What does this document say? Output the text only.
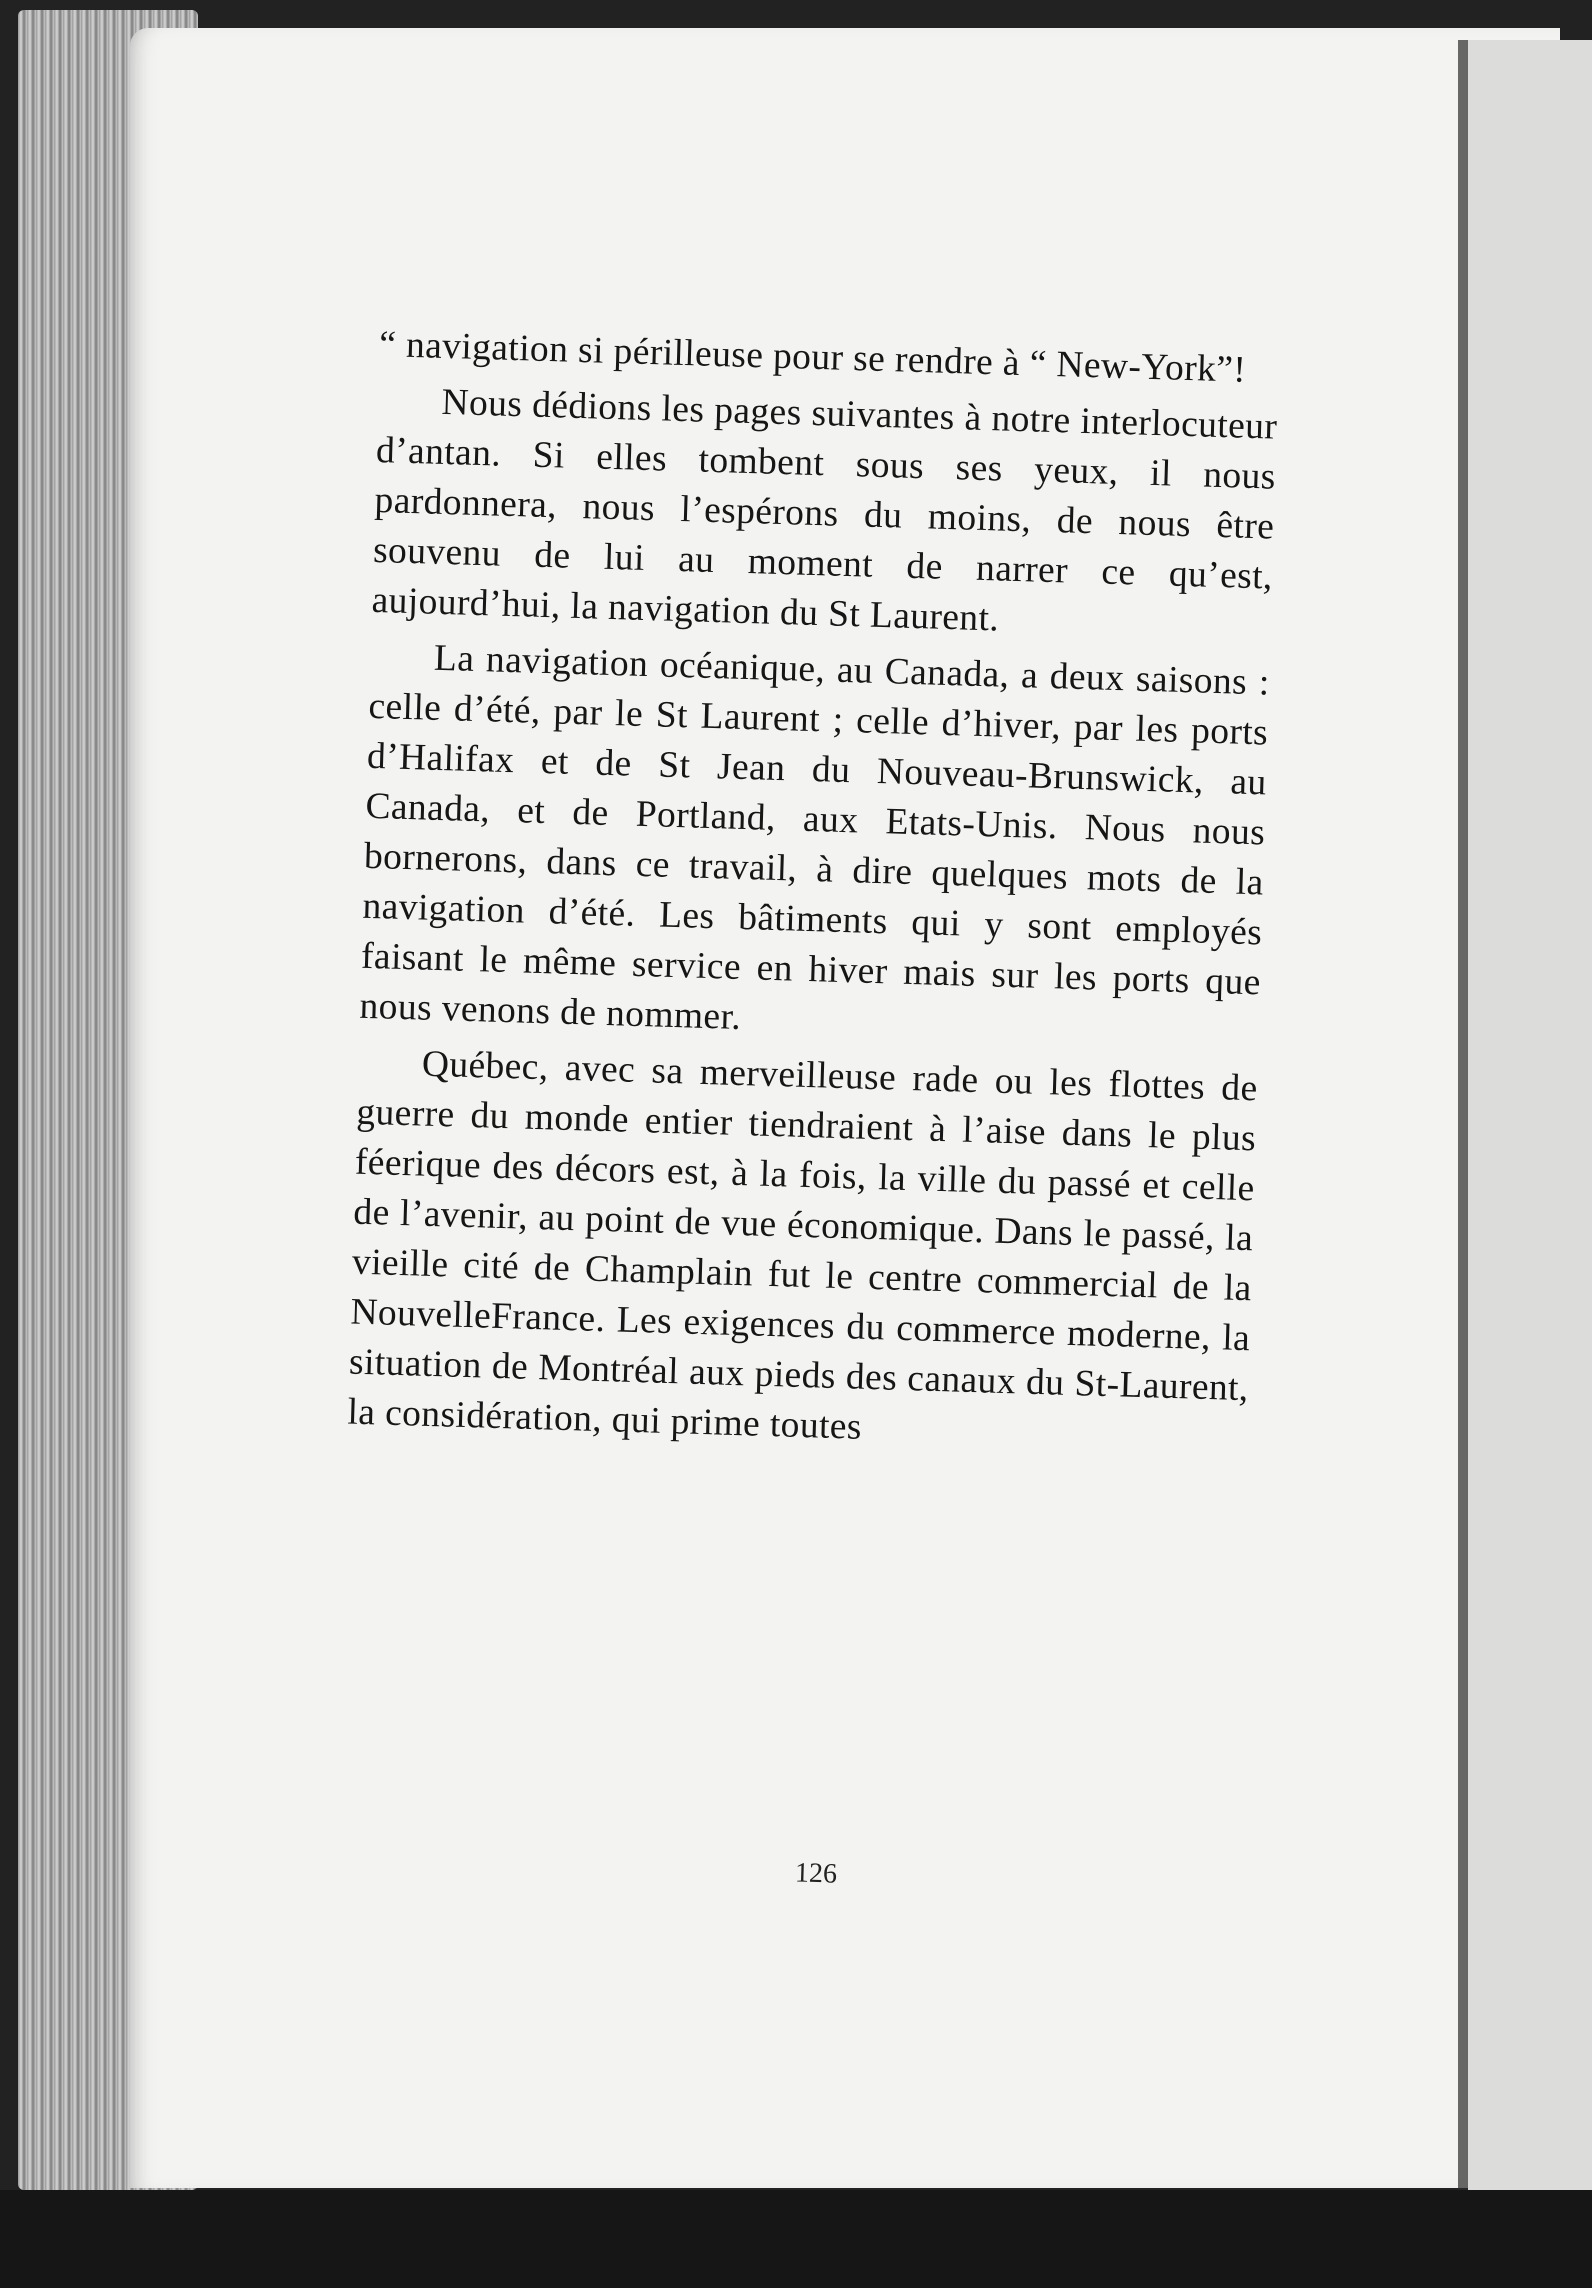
“ navigation si périlleuse pour se rendre à “ New-York”!

Nous dédions les pages suivantes à notre interlocuteur d’antan. Si elles tombent sous ses yeux, il nous pardonnera, nous l’espérons du moins, de nous être souvenu de lui au moment de narrer ce qu’est, aujourd’hui, la navigation du St Laurent.

La navigation océanique, au Canada, a deux saisons : celle d’été, par le St Laurent ; celle d’hiver, par les ports d’Halifax et de St Jean du Nouveau-Brunswick, au Canada, et de Portland, aux Etats-Unis. Nous nous bornerons, dans ce travail, à dire quelques mots de la navigation d’été. Les bâtiments qui y sont employés faisant le même service en hiver mais sur les ports que nous venons de nommer.

Québec, avec sa merveilleuse rade ou les flottes de guerre du monde entier tiendraient à l’aise dans le plus féerique des décors est, à la fois, la ville du passé et celle de l’avenir, au point de vue économique. Dans le passé, la vieille cité de Champlain fut le centre commercial de la NouvelleFrance. Les exigences du commerce moderne, la situation de Montréal aux pieds des canaux du St-Laurent, la considération, qui prime toutes

126
